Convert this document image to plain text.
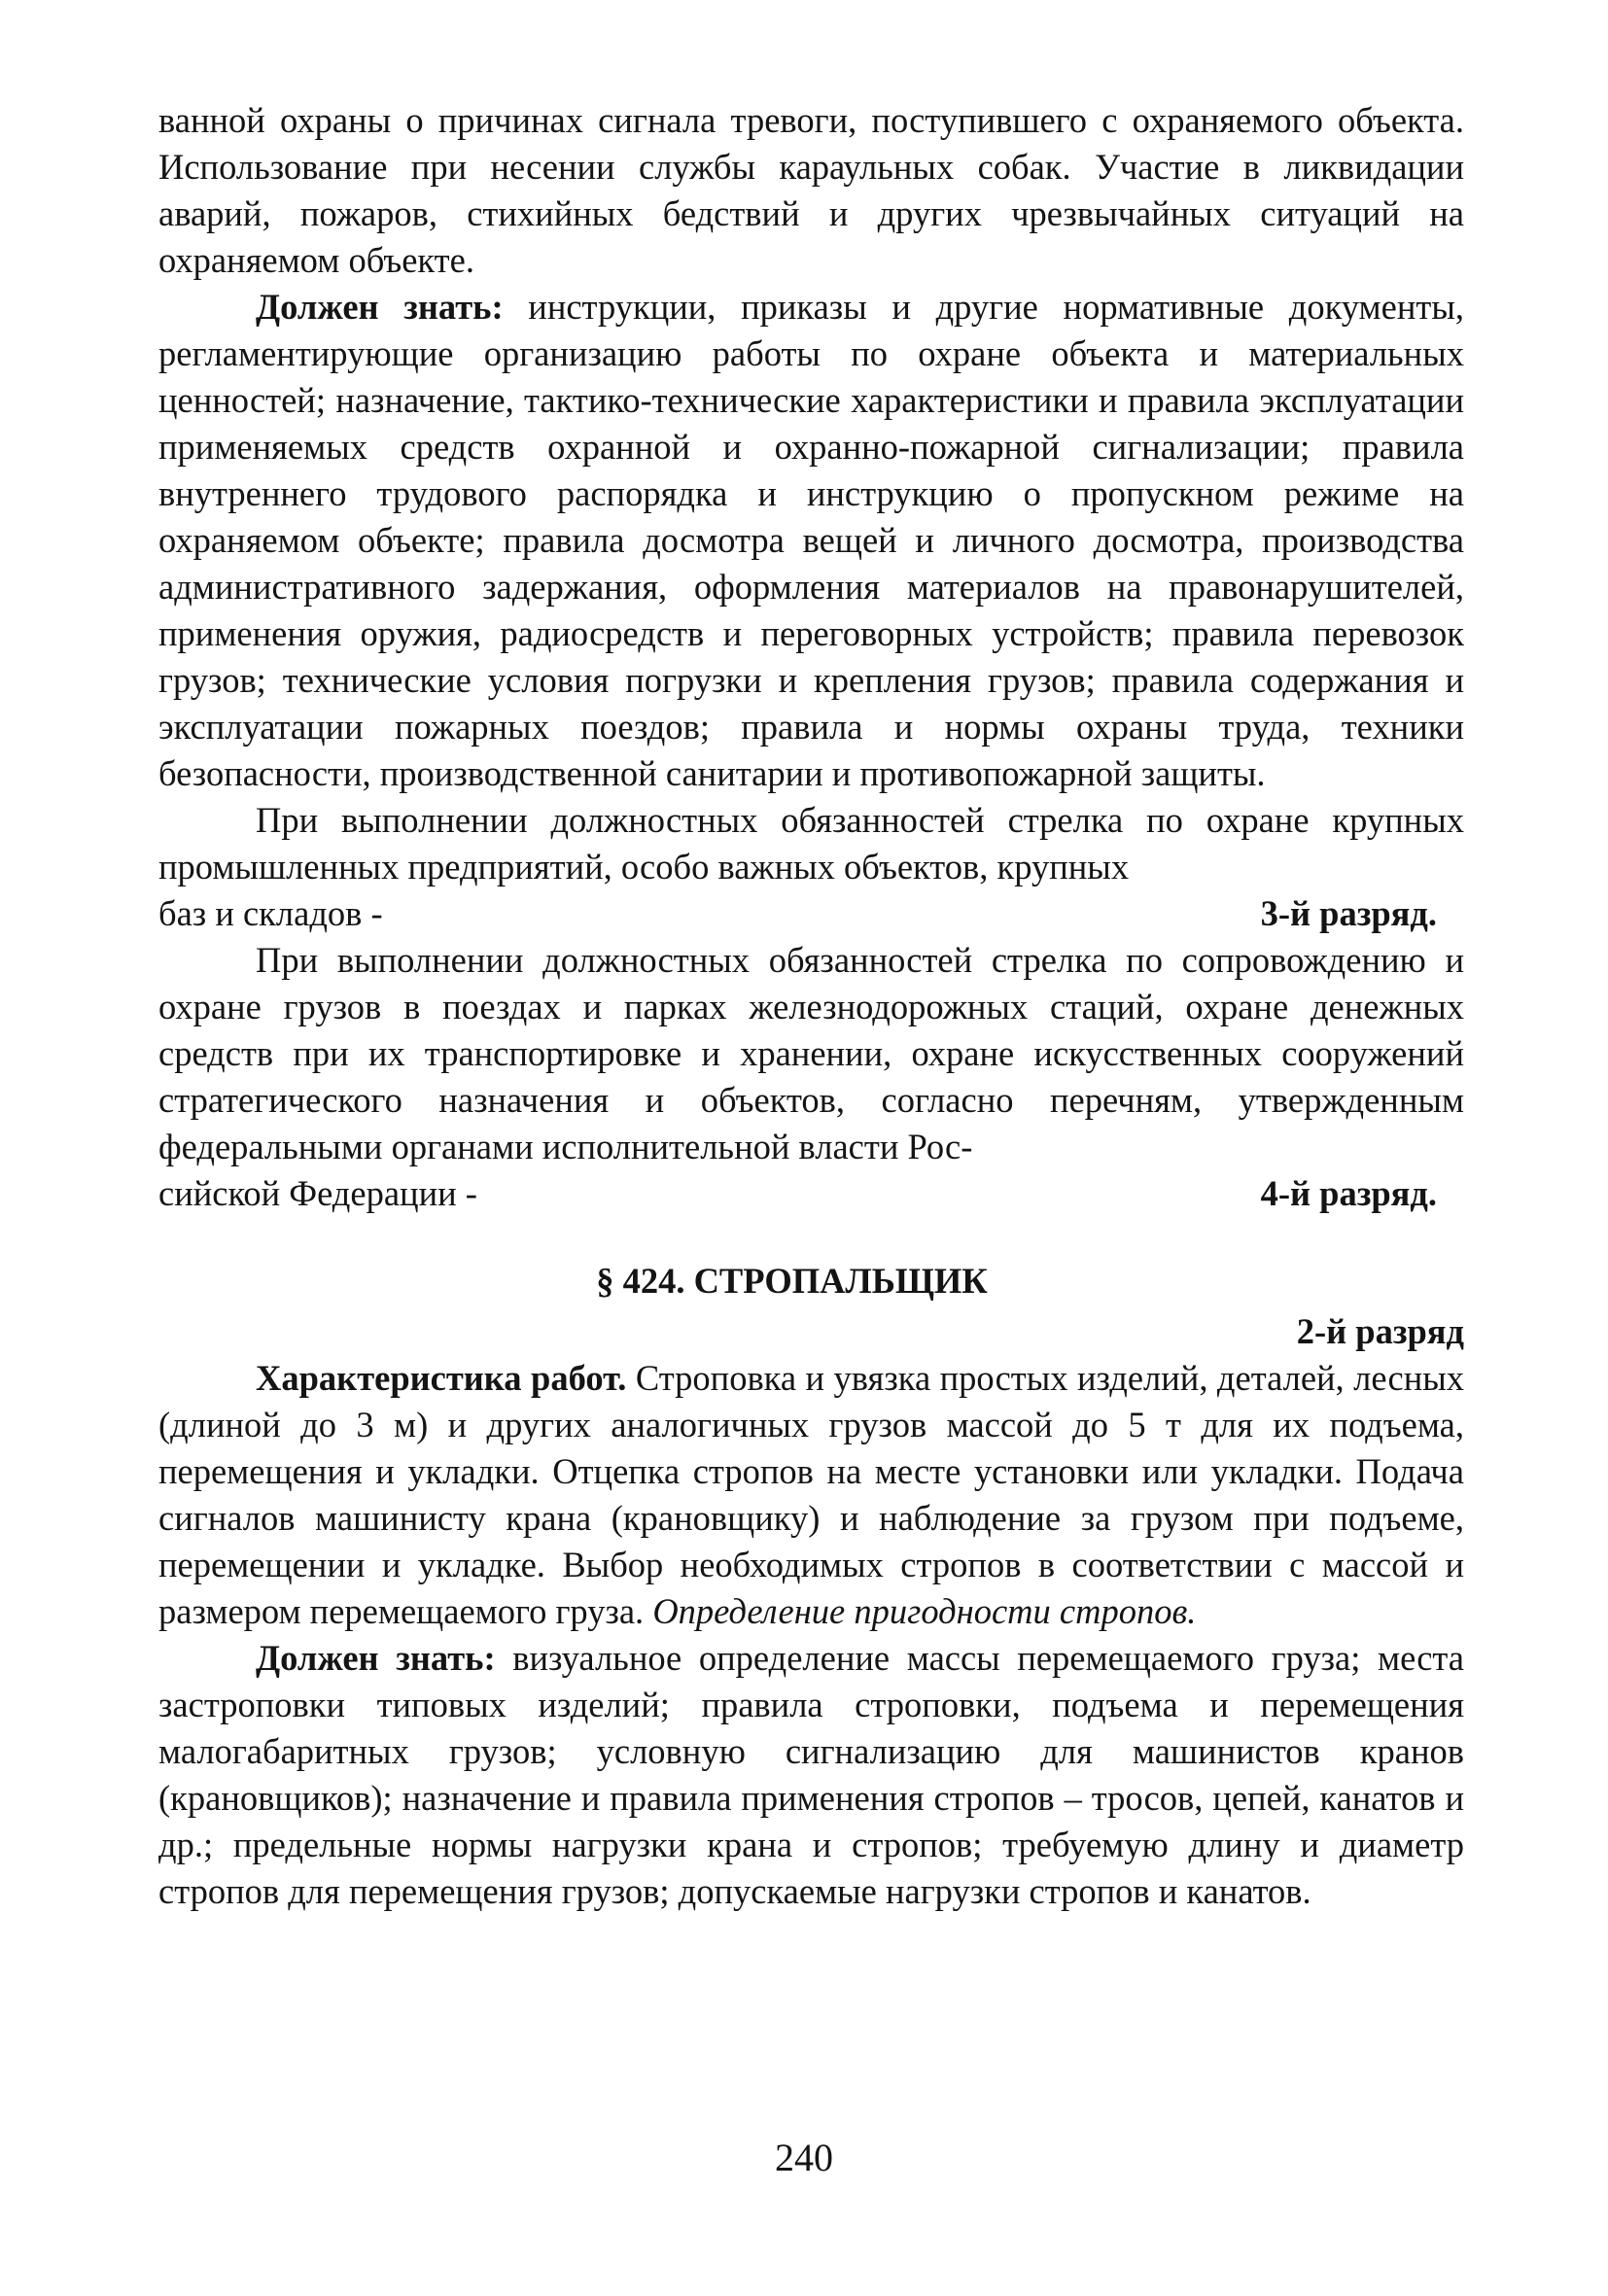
ванной охраны о причинах сигнала тревоги, поступившего с охраняемого объекта. Использование при несении службы караульных собак. Участие в ликвидации аварий, пожаров, стихийных бедствий и других чрезвычайных ситуаций на охраняемом объекте.

Должен знать: инструкции, приказы и другие нормативные документы, регламентирующие организацию работы по охране объекта и материальных ценностей; назначение, тактико-технические характеристики и правила эксплуатации применяемых средств охранной и охранно-пожарной сигнализации; правила внутреннего трудового распорядка и инструкцию о пропускном режиме на охраняемом объекте; правила досмотра вещей и личного досмотра, производства административного задержания, оформления материалов на правонарушителей, применения оружия, радиосредств и переговорных устройств; правила перевозок грузов; технические условия погрузки и крепления грузов; правила содержания и эксплуатации пожарных поездов; правила и нормы охраны труда, техники безопасности, производственной санитарии и противопожарной защиты.

При выполнении должностных обязанностей стрелка по охране крупных промышленных предприятий, особо важных объектов, крупных

баз и складов -	3-й разряд.

При выполнении должностных обязанностей стрелка по сопровождению и охране грузов в поездах и парках железнодорожных стаций, охране денежных средств при их транспортировке и хранении, охране искусственных сооружений стратегического назначения и объектов, согласно перечням, утвержденным федеральными органами исполнительной власти Рос-

сийской Федерации -	4-й разряд.

§ 424. СТРОПАЛЬЩИК

2-й разряд

Характеристика работ. Строповка и увязка простых изделий, деталей, лесных (длиной до 3 м) и других аналогичных грузов массой до 5 т для их подъема, перемещения и укладки. Отцепка стропов на месте установки или укладки. Подача сигналов машинисту крана (крановщику) и наблюдение за грузом при подъеме, перемещении и укладке. Выбор необходимых стропов в соответствии с массой и размером перемещаемого груза. Определение пригодности стропов.

Должен знать: визуальное определение массы перемещаемого груза; места застроповки типовых изделий; правила строповки, подъема и перемещения малогабаритных грузов; условную сигнализацию для машинистов кранов (крановщиков); назначение и правила применения стропов – тросов, цепей, канатов и др.; предельные нормы нагрузки крана и стропов; требуемую длину и диаметр стропов для перемещения грузов; допускаемые нагрузки стропов и канатов.

240
